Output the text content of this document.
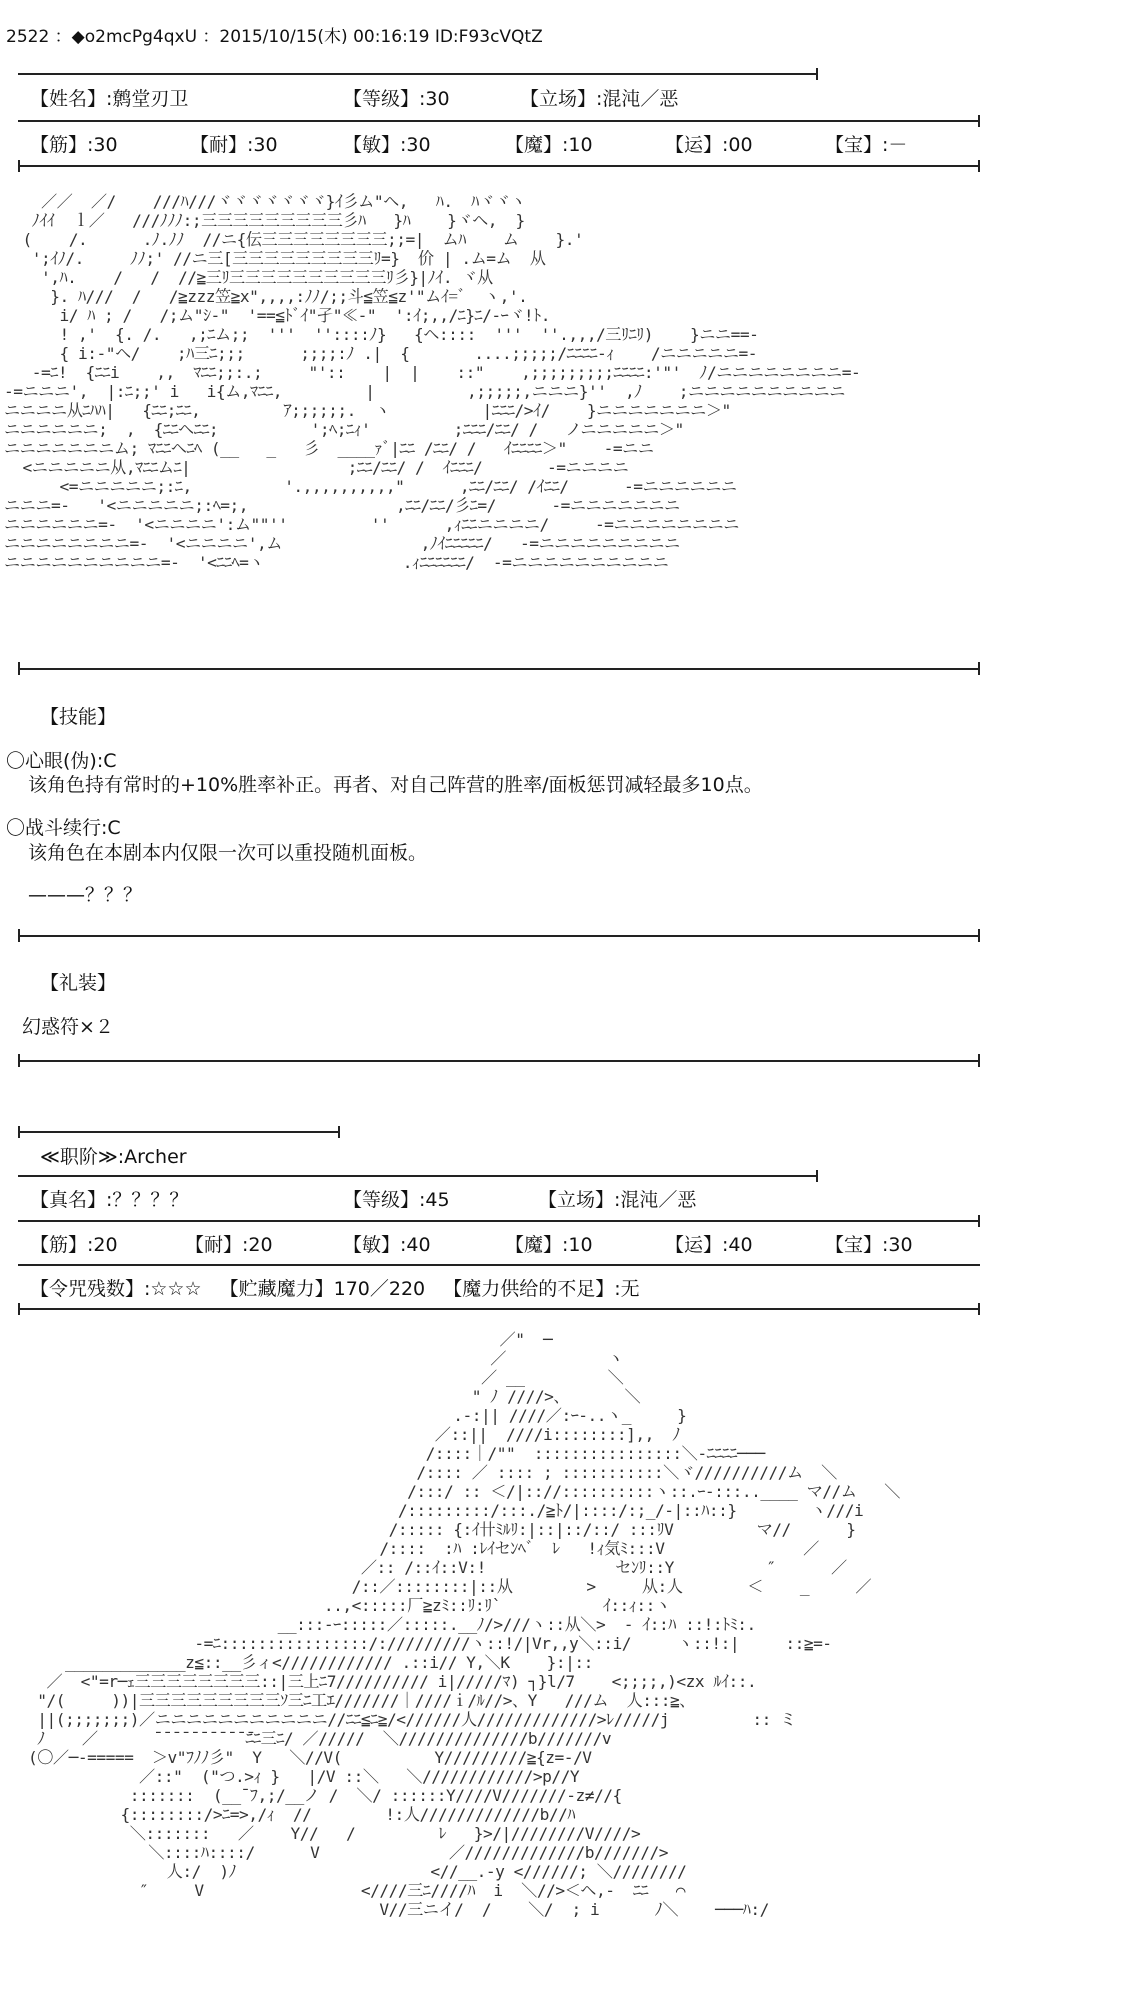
2522 ：◆o2mcPg4qxU ：2015/10/15(木) 00:16:19 ID:F93cVQtZ
【姓名】:鹩堂刃卫	【等级】:30	【立场】:混沌／恶
【筋】:30	【耐】:30	【敏】:30	【魔】:10	【运】:00	【宝】:－
／／  ／/    ///ﾊ///ヾヾヾヾヾヾヾ}ｲ彡ム"ヘ,   ﾊ.  ﾊヾヾヽ
ﾉｲｲ  ｌ／   ///ﾉﾉﾉ:;三三三三三三三三三彡ﾊ   }ﾊ    }ヾヘ,  }
(    /.      .ﾉ.ﾉﾉ  //ニ{伝三三三三三三三三;;=|  ムﾊ    ム    }.'
';ｲﾉ/.     ﾉﾉ;' //ニ三[三三三三三三三三三ﾘ=}  价 | .ム=ム  从
',ﾊ.    /   /  //≧三ﾘ三三三三三三三三三三ﾘ彡}|ﾉｲ. ヾ从
}. ﾊ///  /   /≧zzz笠≧x",,,,:ﾉﾉ/;;斗≦笠≦z'"ムｲ=ﾞ  ヽ,'.
i/ ﾊ ; /   /;ム"ｼ-"  '==≦ﾄﾞｲ"孑"≪-"  ':ｲ;,,/ﾆ}ﾆ/-ｰヾ!ﾄ.
! ,'  {. /.   ,;ﾆム;;  '''  ''::::ﾉ}   {ヘ::::  '''  ''.,,,/三ﾘﾆﾘ)    }ニニ==-
{ i:-"ヘ/    ;ﾊ三ﾆ;;;      ;;;;:ﾉ .|  {       ....;;;;;/ﾆﾆﾆﾆ-ｨ    /ニニニニニ=-
-=ﾆ!  {ﾆﾆi    ,,  ﾏﾆﾆ;;:.;     "'::    |  |    ::"    ,;;;;;;;;;ﾆﾆﾆﾆ:'"'  ﾉ/ニニニニニニニニ=-
-=ニニニ',  |:ﾆ;;' i   i{ム,ﾏﾆﾆ,         |          ,;;;;;,ニニニ}''  ,ﾉ    ;ニニニニニニニニニニ
ニニニニ从ﾆﾊﾊ|   {ﾆﾆ;ﾆﾆ,         ｱ;;;;;;.  ヽ          |ﾆﾆﾆ/>ｲ/    }ニニニニニニニ＞"
ニニニニニニ;  ,  {ﾆﾆヘﾆﾆ;          ';ﾍ;ﾆｨ'         ;ﾆﾆﾆ/ﾆﾆ/ /   ノニニニニニ＞"
ニニニニニニニム; ﾏﾆﾆヘﾆﾍ (__   _   彡  ____ｧﾞ|ﾆﾆ /ﾆﾆ/ /   ｲﾆﾆﾆﾆ＞"    -=ニニ
<ニニニニニ从,ﾏﾆﾆムﾆ|                 ;ﾆﾆ/ﾆﾆ/ /  ｲﾆﾆﾆ/       -=ニニニニ
<=ニニニニニ;:ﾆ,          '.,,,,,,,,,,"      ,ﾆﾆ/ﾆﾆ/ /ｲﾆﾆ/      -=ニニニニニニ
ニニニ=-   '<ニニニニニ;:ﾍ=;,                ,ﾆﾆ/ﾆﾆ/彡ﾆ=/      -=ニニニニニニニ
ニニニニニニ=-  '<ニニニニ':ム""''         ''      ,ｨﾆﾆニニニニ/     -=ニニニニニニニニ
ニニニニニニニニ=-  '<ニニニニ',ム               ,ﾉｲﾆﾆﾆﾆﾆ/   -=ニニニニニニニニニ
ニニニニニニニニニニ=-  '<ﾆﾆﾍ=ヽ               .ｨﾆﾆﾆﾆﾆﾆ/  -=ニニニニニニニニニニ
【技能】
〇心眼(伪):C
该角色持有常时的+10%胜率补正。再者、对自己阵营的胜率/面板惩罚减轻最多10点。
〇战斗续行:C
该角色在本剧本内仅限一次可以重投随机面板。
———？？？
【礼装】
幻惑符×２
≪职阶≫:Archer
【真名】:？？？？	【等级】:45	【立场】:混沌／恶
【筋】:20	【耐】:20	【敏】:40	【魔】:10	【运】:40	【宝】:30
【令咒残数】:☆☆☆   【贮藏魔力】170／220   【魔力供给的不足】:无
／"  ─
／           ヽ
／ __         ＼
" ﾉ ////>、      ＼
.-:|| ////／:ｰ-..ヽ_     }
／::||  ////i::::::::],,  ﾉ
/::::｜/""  ::::::::::::::::＼-ﾆﾆﾆﾆ───
/:::: ／ :::: ; :::::::::::＼ヾ//////////ム  ＼
/:::/ :: ＜/|:://::::::::::ヽ::.ｰ-:::..____ マ//ム   ＼
/:::::::::/:::./≧ﾄ/|::::/:;_/-|::ﾊ::}        ヽ///i
/::::: {:ｲ卄ﾐﾙﾘ:|::|::/::/ :::ﾘV         マ//      }
/::::  :ﾊ :ﾚｲセﾝﾍﾞ  ﾚ   !ｨ気ﾐ:::V               ／
／:: /::ｲ::V:!              セﾝﾘ::Y          ″      ／
/::／::::::::|::从        >     从:人       ＜    _     ／
..,<:::::厂≧zﾐ::ﾘ:ﾘ`           ｲ::ｨ::ヽ
__:::-ｰ:::::／:::::.__ﾉ/>///ヽ::从＼>  - ｲ::ﾊ ::!:ﾄﾐ:.
-=ﾆ::::::::::::::::/://///////ヽ::!/|Vr,,y＼::i/     ヽ::!:|     ::≧=-
_____________z≦::__彡ィ<//////////// .::i// Y,＼K    }:|::
／  <"=r─ｪ三三三三三三三三::|三上ﾆ7////////// i|/////ﾏ) ┐}l/7    <;;;;,)<zx ﾙｲ::.
"/(     ))|三三三三三三三三三ｿ三ﾆ工ｴ///////｜////ｉ/ﾙ//>、Y   ///ム  人:::≧、
||(;;;;;;;)／ニニニニニニニニニニニ//ﾆﾆ≦ﾆ≧/<//////人/////////////>ﾚ/////j         :: ミ
ﾉ    ／      ̄ ̄ ̄ ̄ ̄ ̄ ̄ ̄ ̄ ̄ ̄ﾆﾆ三ﾆ/ ／/////  ＼//////////////b///////v
(〇／─-=====  ＞v"ﾌﾉﾉ彡"  Y   ＼//V(          Y/////////≧{z=-/V
／::"  ("つ.>ｨ }   |/V ::＼   ＼////////////>p//Y
:::::::  (__¯ﾌ,;/__ノ /  ＼/ ::::::Y////V///////-z≠//{
{::::::::/>ﾆ=>,/ｨ  //        !:人/////////////b//ﾊ
＼:::::::   ／    Y//   /         ﾚ   }>/|////////V////>
＼::::ﾊ::::/      V              ／/////////////b///////>
人:/  )ﾉ                     <//__.-y <//////; ＼////////
″     V                 <////三ﾆ////ﾊ  i  ＼//>＜ヘ,-  ﾆﾆ   ⌒
V//三ニイ/  /    ＼/  ; i      ﾉ＼    ───ﾊ:/
